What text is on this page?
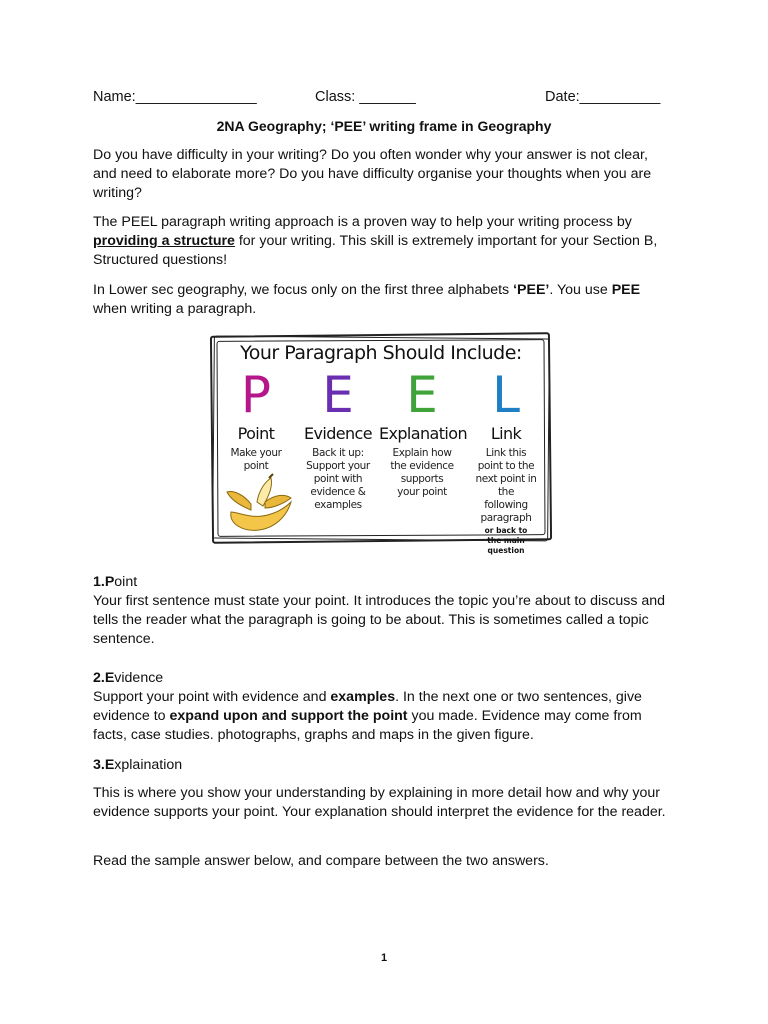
Name:_______________	Class: _______	Date:__________
2NA Geography; ‘PEE’ writing frame in Geography

Do you have difficulty in your writing? Do you often wonder why your answer is not clear, and need to elaborate more? Do you have difficulty organise your thoughts when you are writing?

The PEEL paragraph writing approach is a proven way to help your writing process by providing a structure for your writing. This skill is extremely important for your Section B, Structured questions!

In Lower sec geography, we focus only on the first three alphabets ‘PEE’. You use PEE when writing a paragraph.

Your Paragraph Should Include:
P
Point
Make your point
E
Evidence
Back it up: Support your point with evidence & examples
E
Explanation
Explain how the evidence supports your point
L
Link
Link this point to the next point in the following paragraph
or back to the main question
1.Point

Your first sentence must state your point. It introduces the topic you’re about to discuss and tells the reader what the paragraph is going to be about. This is sometimes called a topic sentence.

2.Evidence

Support your point with evidence and examples. In the next one or two sentences, give evidence to expand upon and support the point you made. Evidence may come from facts, case studies. photographs, graphs and maps in the given figure.

3.Explaination

This is where you show your understanding by explaining in more detail how and why your evidence supports your point. Your explanation should interpret the evidence for the reader.

Read the sample answer below, and compare between the two answers.

1
